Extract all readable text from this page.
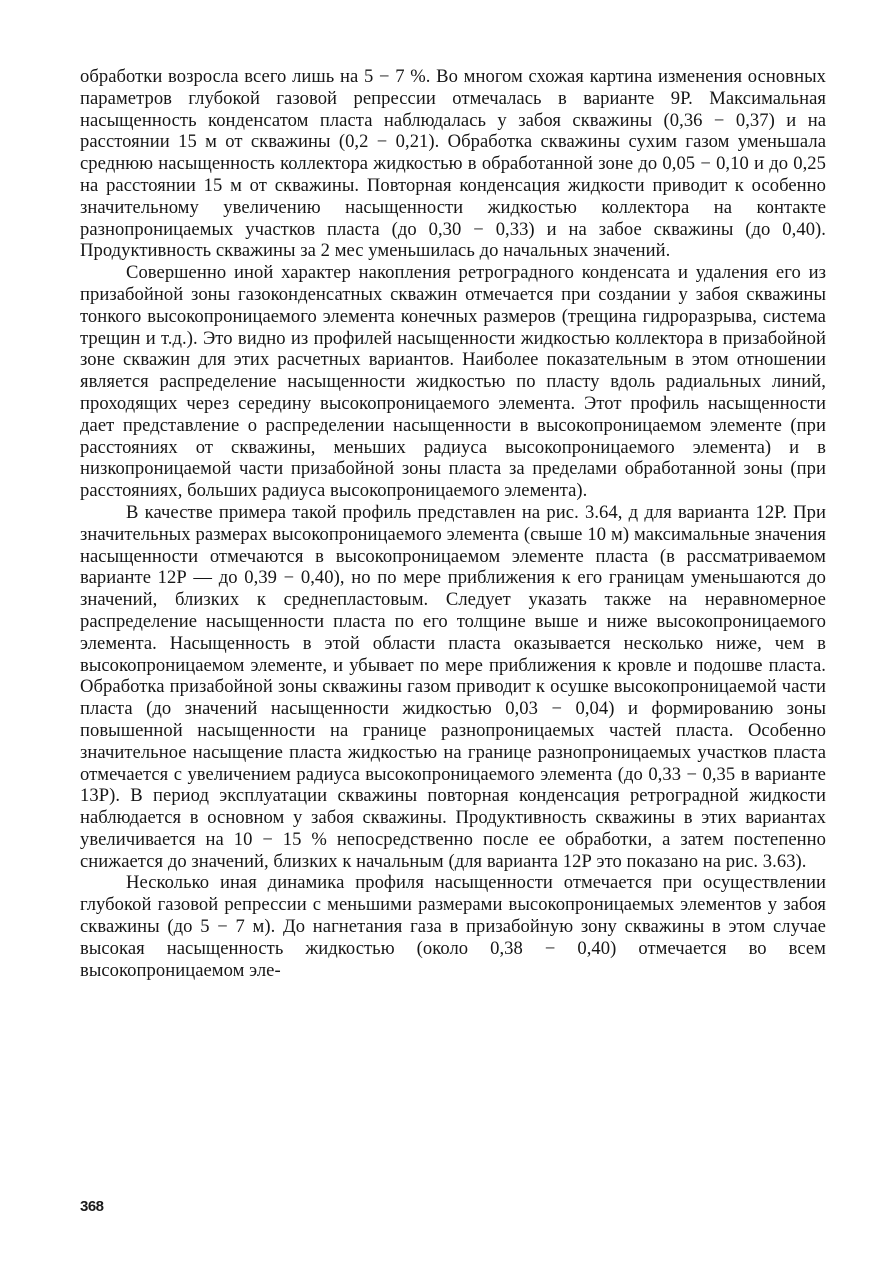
обработки возросла всего лишь на 5 − 7 %. Во многом схожая картина изменения основных параметров глубокой газовой репрессии отмечалась в варианте 9Р. Максимальная насыщенность конденсатом пласта наблюдалась у забоя скважины (0,36 − 0,37) и на расстоянии 15 м от скважины (0,2 − 0,21). Обработка скважины сухим газом уменьшала среднюю насыщенность коллектора жидкостью в обработанной зоне до 0,05 − 0,10 и до 0,25 на расстоянии 15 м от скважины. Повторная конденсация жидкости приводит к особенно значительному увеличению насыщенности жидкостью коллектора на контакте разнопроницаемых участков пласта (до 0,30 − 0,33) и на забое скважины (до 0,40). Продуктивность скважины за 2 мес уменьшилась до начальных значений.

Совершенно иной характер накопления ретроградного конденсата и удаления его из призабойной зоны газоконденсатных скважин отмечается при создании у забоя скважины тонкого высокопроницаемого элемента конечных размеров (трещина гидроразрыва, система трещин и т.д.). Это видно из профилей насыщенности жидкостью коллектора в призабойной зоне скважин для этих расчетных вариантов. Наиболее показательным в этом отношении является распределение насыщенности жидкостью по пласту вдоль радиальных линий, проходящих через середину высокопроницаемого элемента. Этот профиль насыщенности дает представление о распределении насыщенности в высокопроницаемом элементе (при расстояниях от скважины, меньших радиуса высокопроницаемого элемента) и в низкопроницаемой части призабойной зоны пласта за пределами обработанной зоны (при расстояниях, больших радиуса высокопроницаемого элемента).

В качестве примера такой профиль представлен на рис. 3.64, д для варианта 12Р. При значительных размерах высокопроницаемого элемента (свыше 10 м) максимальные значения насыщенности отмечаются в высокопроницаемом элементе пласта (в рассматриваемом варианте 12Р — до 0,39 − 0,40), но по мере приближения к его границам уменьшаются до значений, близких к среднепластовым. Следует указать также на неравномерное распределение насыщенности пласта по его толщине выше и ниже высокопроницаемого элемента. Насыщенность в этой области пласта оказывается несколько ниже, чем в высокопроницаемом элементе, и убывает по мере приближения к кровле и подошве пласта. Обработка призабойной зоны скважины газом приводит к осушке высокопроницаемой части пласта (до значений насыщенности жидкостью 0,03 − 0,04) и формированию зоны повышенной насыщенности на границе разнопроницаемых частей пласта. Особенно значительное насыщение пласта жидкостью на границе разнопроницаемых участков пласта отмечается с увеличением радиуса высокопроницаемого элемента (до 0,33 − 0,35 в варианте 13Р). В период эксплуатации скважины повторная конденсация ретроградной жидкости наблюдается в основном у забоя скважины. Продуктивность скважины в этих вариантах увеличивается на 10 − 15 % непосредственно после ее обработки, а затем постепенно снижается до значений, близких к начальным (для варианта 12Р это показано на рис. 3.63).

Несколько иная динамика профиля насыщенности отмечается при осуществлении глубокой газовой репрессии с меньшими размерами высокопроницаемых элементов у забоя скважины (до 5 − 7 м). До нагнетания газа в призабойную зону скважины в этом случае высокая насыщенность жидкостью (около 0,38 − 0,40) отмечается во всем высокопроницаемом эле-

368
